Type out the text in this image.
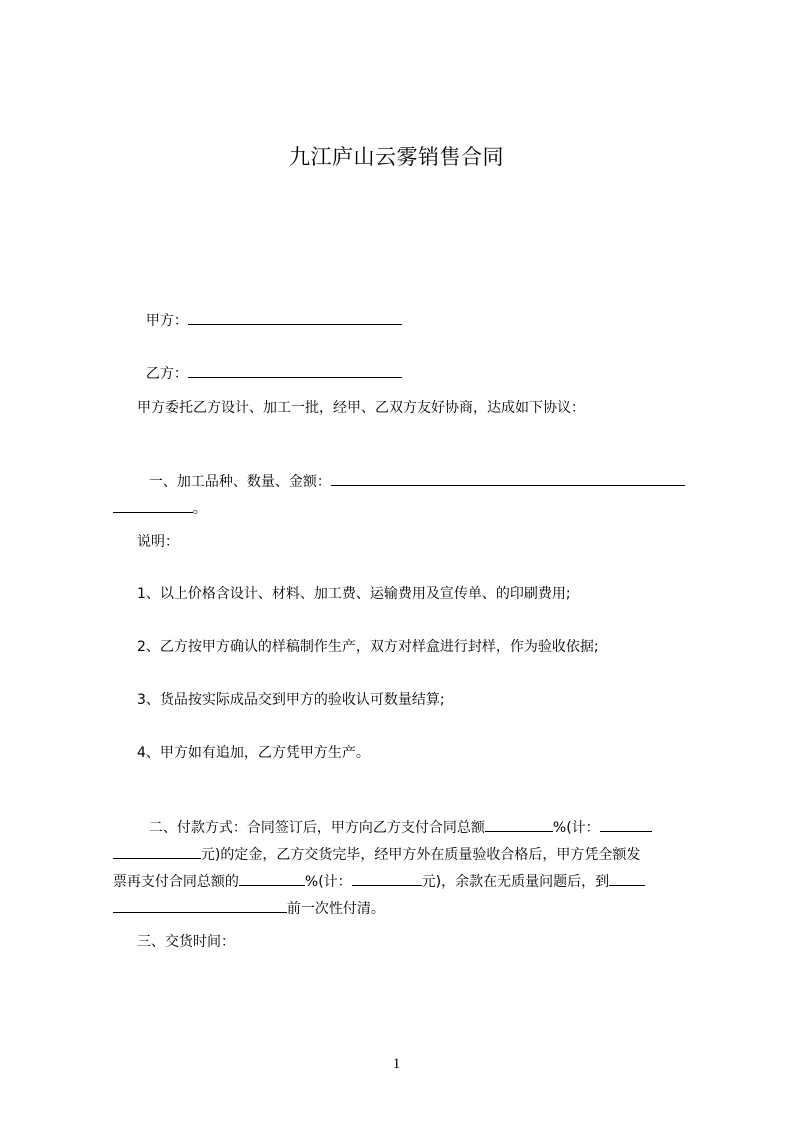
九江庐山云雾销售合同

甲方：

乙方：

甲方委托乙方设计、加工一批，经甲、乙双方友好协商，达成如下协议：

一、加工品种、数量、金额：

。

说明：
1、以上价格含设计、材料、加工费、运输费用及宣传单、的印刷费用;
2、乙方按甲方确认的样稿制作生产，双方对样盒进行封样，作为验收依据;
3、货品按实际成品交到甲方的验收认可数量结算;
4、甲方如有追加，乙方凭甲方生产。

二、付款方式：合同签订后，甲方向乙方支付合同总额	%(计：

元)的定金，乙方交货完毕，经甲方外在质量验收合格后，甲方凭全额发

票再支付合同总额的	%(计：	元)，余款在无质量问题后，到

前一次性付清。

三、交货时间：
1
